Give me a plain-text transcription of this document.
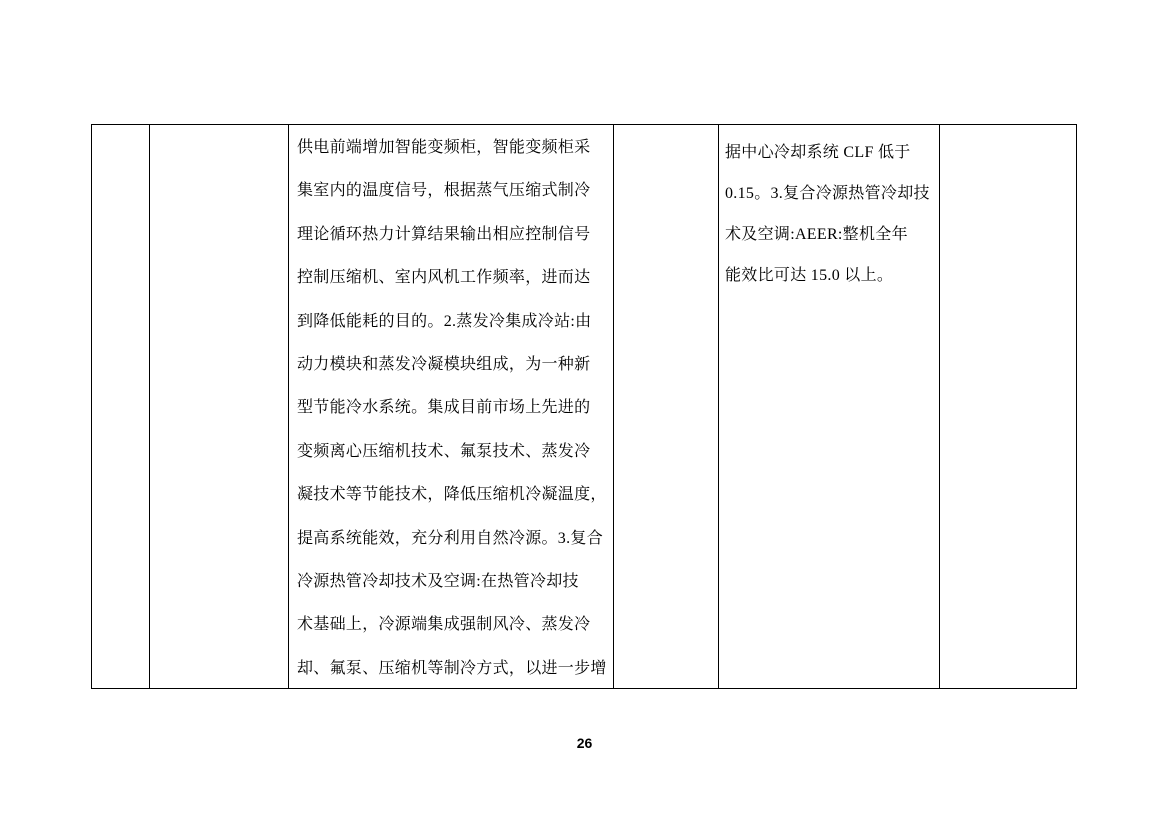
供电前端增加智能变频柜，智能变频柜采
集室内的温度信号，根据蒸气压缩式制冷
理论循环热力计算结果输出相应控制信号
控制压缩机、室内风机工作频率，进而达
到降低能耗的目的。2.蒸发冷集成冷站:由
动力模块和蒸发冷凝模块组成，为一种新
型节能冷水系统。集成目前市场上先进的
变频离心压缩机技术、氟泵技术、蒸发冷
凝技术等节能技术，降低压缩机冷凝温度，
提高系统能效，充分利用自然冷源。3.复合
冷源热管冷却技术及空调:在热管冷却技
术基础上，冷源端集成强制风冷、蒸发冷
却、氟泵、压缩机等制冷方式，以进一步增
据中心冷却系统 CLF 低于
0.15。3.复合冷源热管冷却技
术及空调:AEER:整机全年
能效比可达 15.0 以上。
26
